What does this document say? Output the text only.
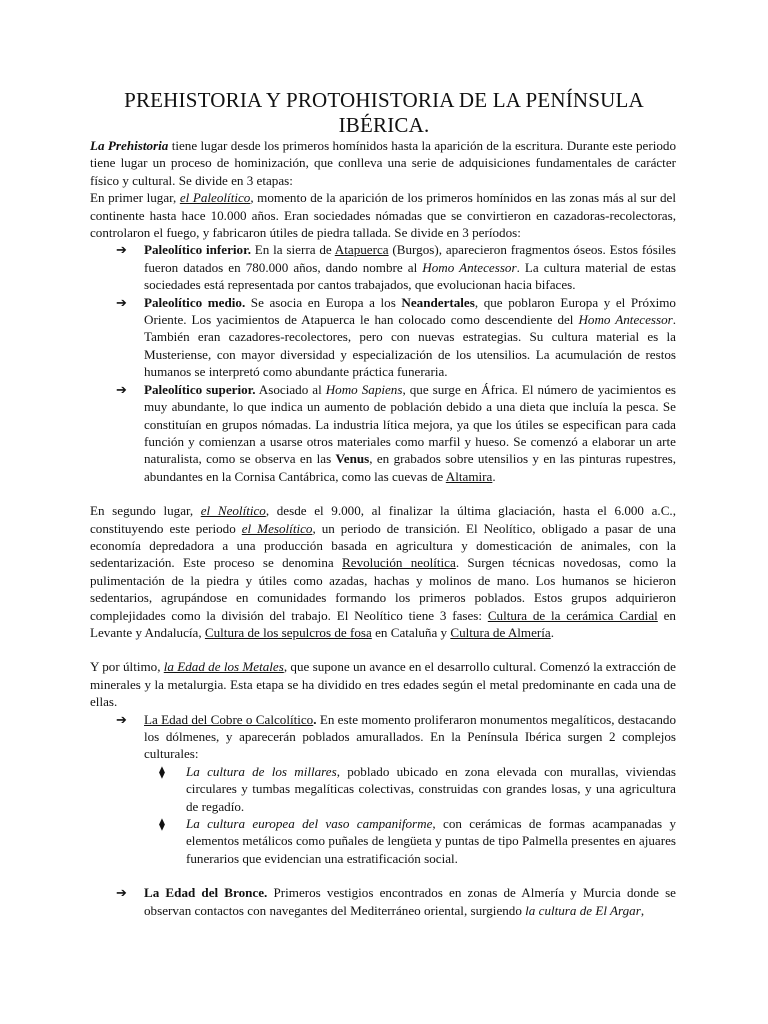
PREHISTORIA Y PROTOHISTORIA DE LA PENÍNSULA IBÉRICA.

La Prehistoria tiene lugar desde los primeros homínidos hasta la aparición de la escritura. Durante este periodo tiene lugar un proceso de hominización, que conlleva una serie de adquisiciones fundamentales de carácter físico y cultural. Se divide en 3 etapas:

En primer lugar, el Paleolítico, momento de la aparición de los primeros homínidos en las zonas más al sur del continente hasta hace 10.000 años. Eran sociedades nómadas que se convirtieron en cazadoras-recolectoras, controlaron el fuego, y fabricaron útiles de piedra tallada. Se divide en 3 períodos:

➔ Paleolítico inferior. En la sierra de Atapuerca (Burgos), aparecieron fragmentos óseos. Estos fósiles fueron datados en 780.000 años, dando nombre al Homo Antecessor. La cultura material de estas sociedades está representada por cantos trabajados, que evolucionan hacia bifaces.
➔ Paleolítico medio. Se asocia en Europa a los Neandertales, que poblaron Europa y el Próximo Oriente. Los yacimientos de Atapuerca le han colocado como descendiente del Homo Antecessor. También eran cazadores-recolectores, pero con nuevas estrategias. Su cultura material es la Musteriense, con mayor diversidad y especialización de los utensilios. La acumulación de restos humanos se interpretó como abundante práctica funeraria.
➔ Paleolítico superior. Asociado al Homo Sapiens, que surge en África. El número de yacimientos es muy abundante, lo que indica un aumento de población debido a una dieta que incluía la pesca. Se constituían en grupos nómadas. La industria lítica mejora, ya que los útiles se especifican para cada función y comienzan a usarse otros materiales como marfil y hueso. Se comenzó a elaborar un arte naturalista, como se observa en las Venus, en grabados sobre utensilios y en las pinturas rupestres, abundantes en la Cornisa Cantábrica, como las cuevas de Altamira.

En segundo lugar, el Neolítico, desde el 9.000, al finalizar la última glaciación, hasta el 6.000 a.C., constituyendo este periodo el Mesolítico, un periodo de transición. El Neolítico, obligado a pasar de una economía depredadora a una producción basada en agricultura y domesticación de animales, con la sedentarización. Este proceso se denomina Revolución neolítica. Surgen técnicas novedosas, como la pulimentación de la piedra y útiles como azadas, hachas y molinos de mano. Los humanos se hicieron sedentarios, agrupándose en comunidades formando los primeros poblados. Estos grupos adquirieron complejidades como la división del trabajo. El Neolítico tiene 3 fases: Cultura de la cerámica Cardial en Levante y Andalucía, Cultura de los sepulcros de fosa en Cataluña y Cultura de Almería.

Y por último, la Edad de los Metales, que supone un avance en el desarrollo cultural. Comenzó la extracción de minerales y la metalurgia. Esta etapa se ha dividido en tres edades según el metal predominante en cada una de ellas.

➔ La Edad del Cobre o Calcolítico. En este momento proliferaron monumentos megalíticos, destacando los dólmenes, y aparecerán poblados amurallados. En la Península Ibérica surgen 2 complejos culturales:
⧫ La cultura de los millares, poblado ubicado en zona elevada con murallas, viviendas circulares y tumbas megalíticas colectivas, construidas con grandes losas, y una agricultura de regadío.
⧫ La cultura europea del vaso campaniforme, con cerámicas de formas acampanadas y elementos metálicos como puñales de lengüeta y puntas de tipo Palmella presentes en ajuares funerarios que evidencian una estratificación social.
➔ La Edad del Bronce. Primeros vestigios encontrados en zonas de Almería y Murcia donde se observan contactos con navegantes del Mediterráneo oriental, surgiendo la cultura de El Argar,
